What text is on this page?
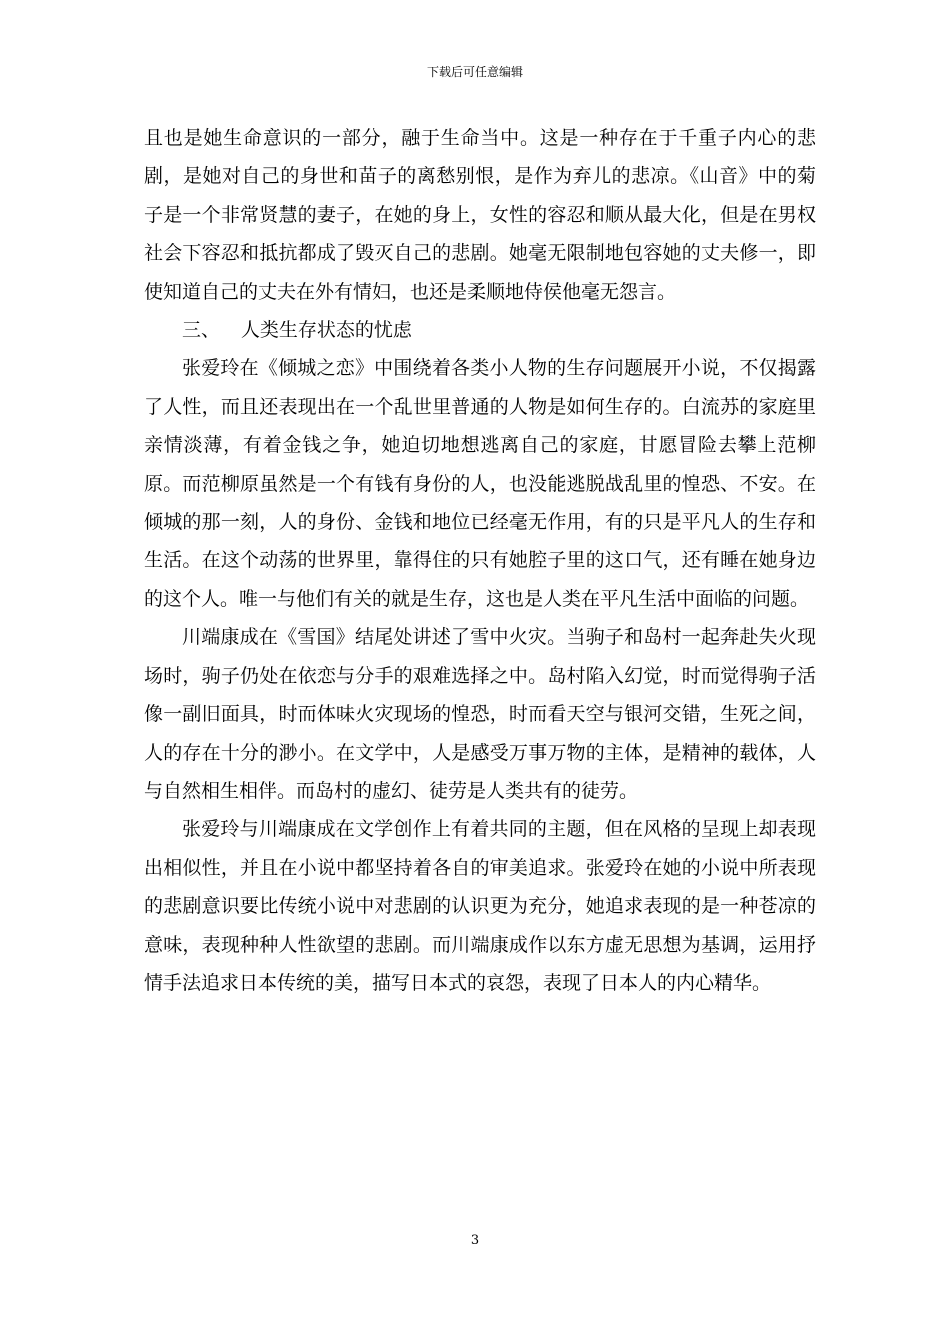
下载后可任意编辑

且也是她生命意识的一部分，融于生命当中。这是一种存在于千重子内心的悲剧，是她对自己的身世和苗子的离愁别恨，是作为弃儿的悲凉。《山音》中的菊子是一个非常贤慧的妻子，在她的身上，女性的容忍和顺从最大化，但是在男权社会下容忍和抵抗都成了毁灭自己的悲剧。她毫无限制地包容她的丈夫修一，即使知道自己的丈夫在外有情妇，也还是柔顺地侍侯他毫无怨言。

三、 人类生存状态的忧虑

张爱玲在《倾城之恋》中围绕着各类小人物的生存问题展开小说，不仅揭露了人性，而且还表现出在一个乱世里普通的人物是如何生存的。白流苏的家庭里亲情淡薄，有着金钱之争，她迫切地想逃离自己的家庭，甘愿冒险去攀上范柳原。而范柳原虽然是一个有钱有身份的人，也没能逃脱战乱里的惶恐、不安。在倾城的那一刻，人的身份、金钱和地位已经毫无作用，有的只是平凡人的生存和生活。在这个动荡的世界里，靠得住的只有她腔子里的这口气，还有睡在她身边的这个人。唯一与他们有关的就是生存，这也是人类在平凡生活中面临的问题。

川端康成在《雪国》结尾处讲述了雪中火灾。当驹子和岛村一起奔赴失火现场时，驹子仍处在依恋与分手的艰难选择之中。岛村陷入幻觉，时而觉得驹子活像一副旧面具，时而体味火灾现场的惶恐，时而看天空与银河交错，生死之间，人的存在十分的渺小。在文学中，人是感受万事万物的主体，是精神的载体，人与自然相生相伴。而岛村的虚幻、徒劳是人类共有的徒劳。

张爱玲与川端康成在文学创作上有着共同的主题，但在风格的呈现上却表现出相似性，并且在小说中都坚持着各自的审美追求。张爱玲在她的小说中所表现的悲剧意识要比传统小说中对悲剧的认识更为充分，她追求表现的是一种苍凉的意味，表现种种人性欲望的悲剧。而川端康成作以东方虚无思想为基调，运用抒情手法追求日本传统的美，描写日本式的哀怨，表现了日本人的内心精华。

3
